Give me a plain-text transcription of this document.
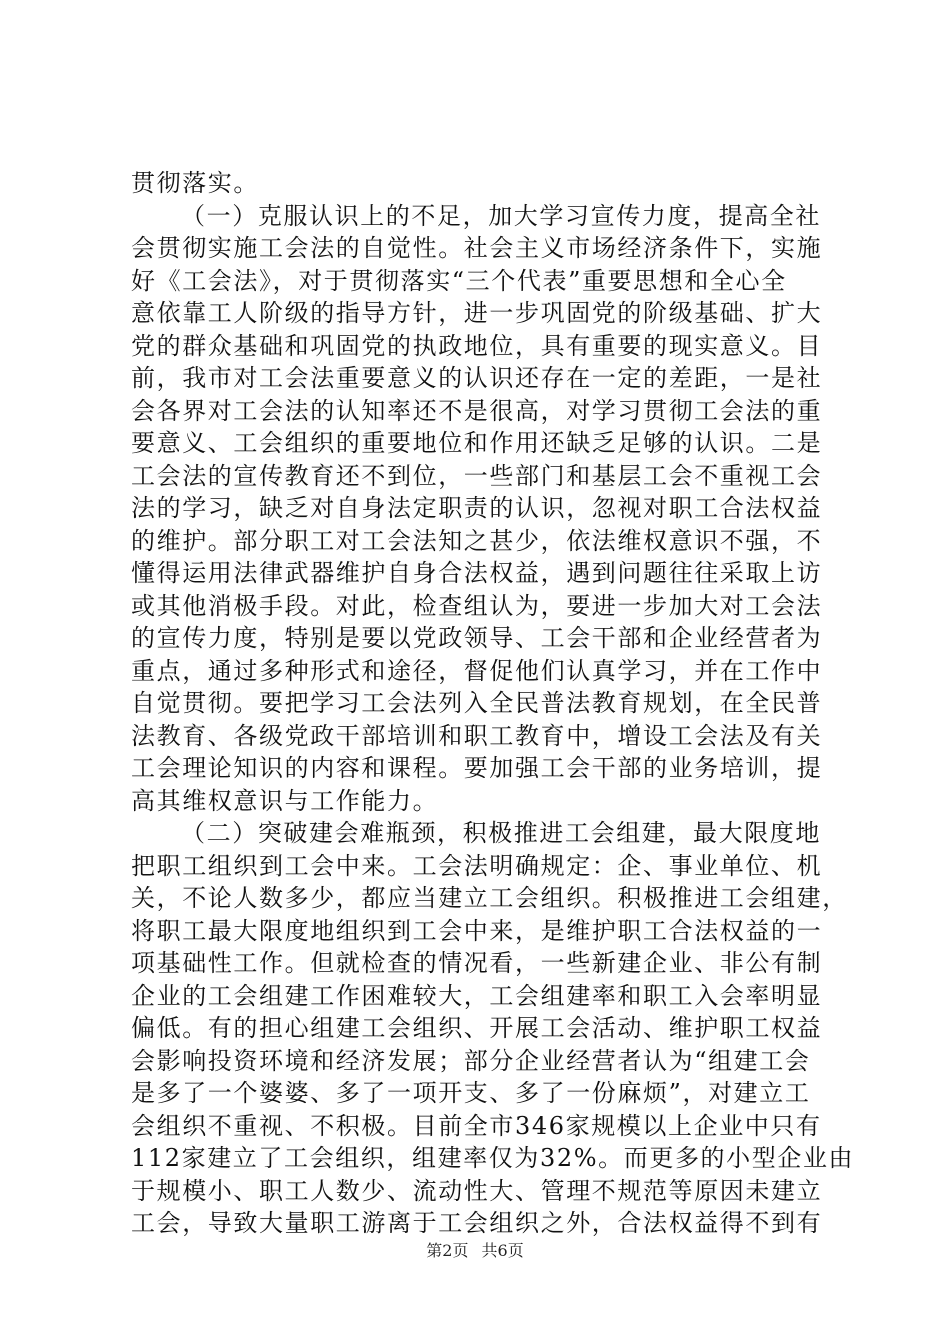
贯彻落实。
（一）克服认识上的不足，加大学习宣传力度，提高全社
会贯彻实施工会法的自觉性。社会主义市场经济条件下，实施
好《工会法》，对于贯彻落实“三个代表”重要思想和全心全
意依靠工人阶级的指导方针，进一步巩固党的阶级基础、扩大
党的群众基础和巩固党的执政地位，具有重要的现实意义。目
前，我市对工会法重要意义的认识还存在一定的差距，一是社
会各界对工会法的认知率还不是很高，对学习贯彻工会法的重
要意义、工会组织的重要地位和作用还缺乏足够的认识。二是
工会法的宣传教育还不到位，一些部门和基层工会不重视工会
法的学习，缺乏对自身法定职责的认识，忽视对职工合法权益
的维护。部分职工对工会法知之甚少，依法维权意识不强，不
懂得运用法律武器维护自身合法权益，遇到问题往往采取上访
或其他消极手段。对此，检查组认为，要进一步加大对工会法
的宣传力度，特别是要以党政领导、工会干部和企业经营者为
重点，通过多种形式和途径，督促他们认真学习，并在工作中
自觉贯彻。要把学习工会法列入全民普法教育规划，在全民普
法教育、各级党政干部培训和职工教育中，增设工会法及有关
工会理论知识的内容和课程。要加强工会干部的业务培训，提
高其维权意识与工作能力。
（二）突破建会难瓶颈，积极推进工会组建，最大限度地
把职工组织到工会中来。工会法明确规定：企、事业单位、机
关，不论人数多少，都应当建立工会组织。积极推进工会组建，
将职工最大限度地组织到工会中来，是维护职工合法权益的一
项基础性工作。但就检查的情况看，一些新建企业、非公有制
企业的工会组建工作困难较大，工会组建率和职工入会率明显
偏低。有的担心组建工会组织、开展工会活动、维护职工权益
会影响投资环境和经济发展；部分企业经营者认为“组建工会
是多了一个婆婆、多了一项开支、多了一份麻烦”，对建立工
会组织不重视、不积极。目前全市346家规模以上企业中只有
112家建立了工会组织，组建率仅为32%。而更多的小型企业由
于规模小、职工人数少、流动性大、管理不规范等原因未建立
工会，导致大量职工游离于工会组织之外，合法权益得不到有
第2页 共6页
